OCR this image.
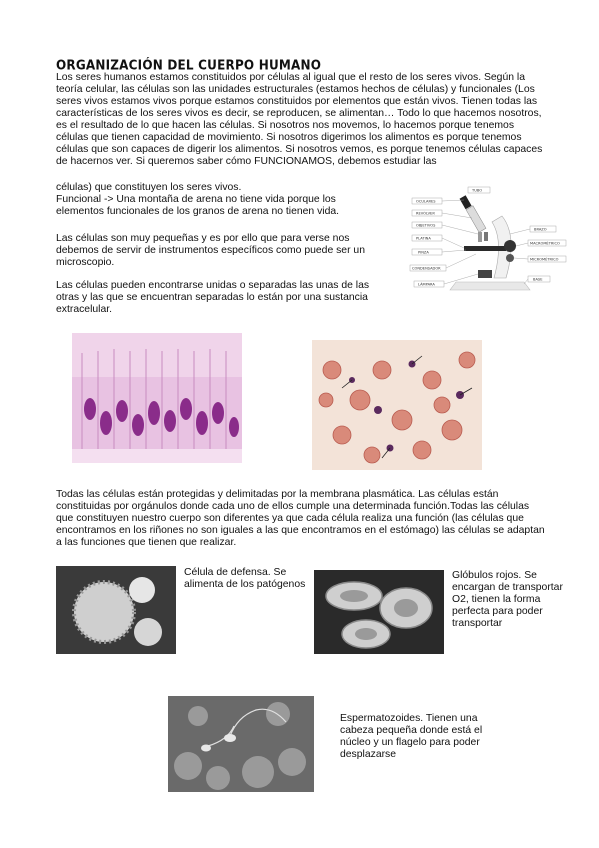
ORGANIZACIÓN DEL CUERPO HUMANO
Los seres humanos estamos constituidos por células al igual que el resto de los seres vivos. Según la teoría celular, las células son las unidades estructurales (estamos hechos de células) y funcionales (Los seres vivos estamos vivos porque estamos constituidos por elementos que están vivos. Tienen todas las características de los seres vivos es decir, se reproducen, se alimentan… Todo lo que hacemos nosotros, es el resultado de lo que hacen las células. Si nosotros nos movemos, lo hacemos porque tenemos células que tienen capacidad de movimiento. Si nosotros digerimos los alimentos es porque tenemos células que son capaces de digerir los alimentos. Si nosotros vemos, es porque tenemos células capaces de hacernos ver. Si queremos saber cómo FUNCIONAMOS, debemos estudiar las
células) que constituyen los seres vivos.
Funcional -> Una montaña de arena no tiene vida porque los elementos funcionales de los granos de arena no tienen vida.
Las células son muy pequeñas y es por ello que para verse nos debemos de servir de instrumentos específicos como puede ser un microscopio.
Las células pueden encontrarse unidas o separadas las unas de las otras y las que se encuentran separadas lo están por una sustancia extracelular.
TUBO
OCULARES
REVÓLVER
OBJETIVOS
PLATINA
PINZA
CONDENSADOR
LÁMPARA
BRAZO
MACROMÉTRICO
MICROMÉTRICO
BASE
Todas las células están protegidas y delimitadas por la membrana plasmática. Las células están constituidas por orgánulos donde cada uno de ellos cumple una determinada función.Todas las células que constituyen nuestro cuerpo son diferentes ya que cada célula realiza una función (las células que encontramos en los riñones no son iguales a las que encontramos en el estómago) las células se adaptan a las funciones que tienen que realizar.
Célula de defensa. Se alimenta de los patógenos
Glóbulos rojos. Se encargan de transportar O2, tienen la forma perfecta para poder transportar
Espermatozoides. Tienen una cabeza pequeña donde está el núcleo y un flagelo para poder desplazarse
